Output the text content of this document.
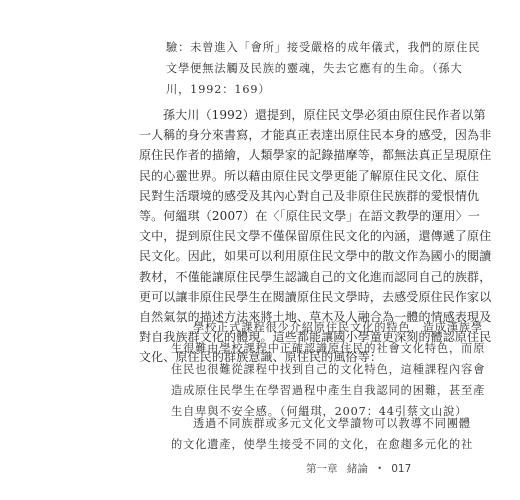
驗：未曾進入「會所」接受嚴格的成年儀式，我們的原住民
文學便無法觸及民族的靈魂，失去它應有的生命。（孫大
川，1992：169）
孫大川（1992）還提到，原住民文學必須由原住民作者以第
一人稱的身分來書寫，才能真正表達出原住民本身的感受，因為非
原住民作者的描繪，人類學家的記錄描摩等，都無法真正呈現原住
民的心靈世界。所以藉由原住民文學更能了解原住民文化、原住
民對生活環境的感受及其內心對自己及非原住民族群的愛恨情仇
等。何縕琪（2007）在〈「原住民文學」在語文教學的運用〉一
文中，提到原住民文學不僅保留原住民文化的內涵，還傳遞了原住
民文化。因此，如果可以利用原住民文學中的散文作為國小的閱讀
教材，不僅能讓原住民學生認識自己的文化進而認同自己的族群，
更可以讓非原住民學生在閱讀原住民文學時，去感受原住民作家以
自然氣氛的描述方法來將土地、草木及人融合為一體的情感表現及
對自我族群文化的體現。這些都能讓國小學童更深刻的體認原住民
文化、原住民的群族意識、原住民的風俗等：
學校正式課程很少介紹原住民文化的特色，造成漢族學
生很難由學校課程中正確認識原住民的社會文化特色，而原
住民也很難從課程中找到自己的文化特色，這種課程內容會
造成原住民學生在學習過程中產生自我認同的困難，甚至產
生自卑與不安全感。（何縕琪，2007：44引蔡文山說）
透過不同族群或多元文化文學讀物可以教導不同團體
的文化遺產，使學生接受不同的文化，在愈趨多元化的社
第一章 緒論 • 017
